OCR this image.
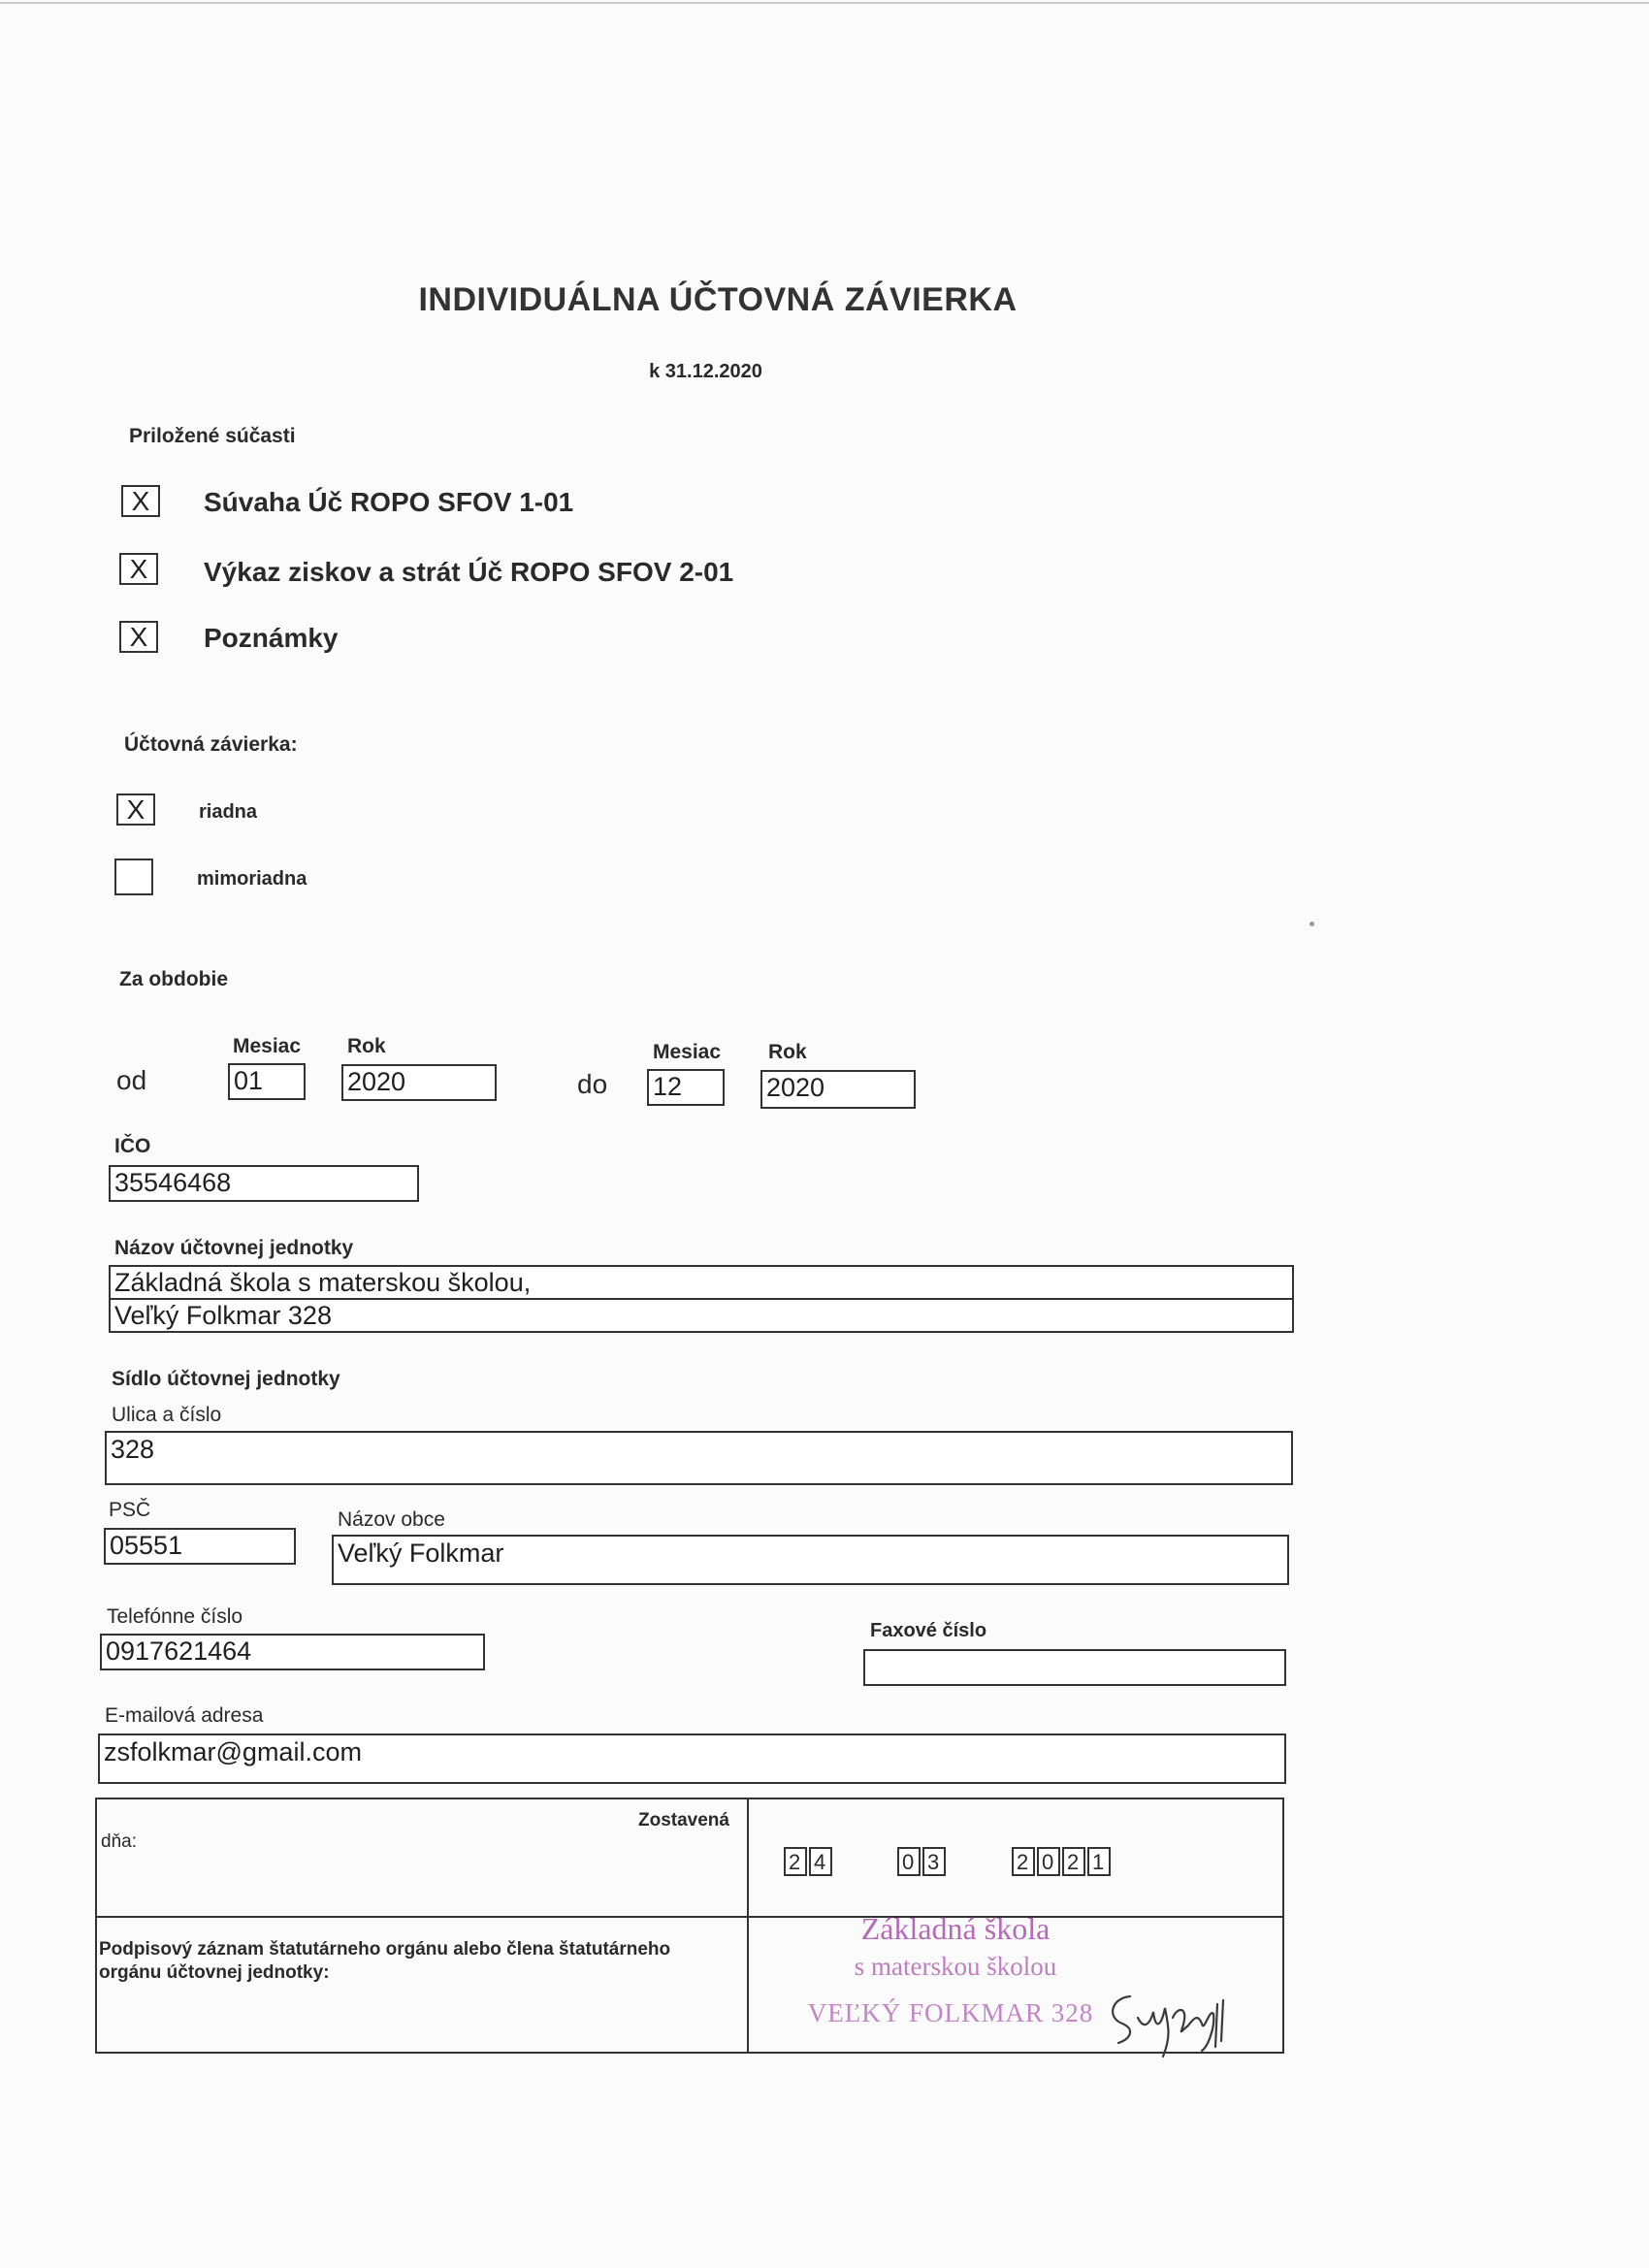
INDIVIDUÁLNA ÚČTOVNÁ ZÁVIERKA
k 31.12.2020
Priložené súčasti
X	Súvaha Úč ROPO SFOV 1-01
X	Výkaz ziskov a strát Úč ROPO SFOV 2-01
X	Poznámky
Účtovná závierka:
X	riadna
mimoriadna
Za obdobie
Mesiac Rok
od	01	2020
Mesiac Rok
do 12	2020
IČO
35546468
Názov účtovnej jednotky
Základná škola s materskou školou,
Veľký Folkmar 328
Sídlo účtovnej jednotky
Ulica a číslo
328
PSČ
05551
Názov obce
Veľký Folkmar
Telefónne číslo
0917621464
Faxové číslo
E-mailová adresa
zsfolkmar@gmail.com
Zostavená
dňa:
2 4	0 3	2 0 2 1
Podpisový záznam štatutárneho orgánu alebo člena štatutárneho
orgánu účtovnej jednotky:
Základná škola
s materskou školou
VEĽKÝ FOLKMAR 328
